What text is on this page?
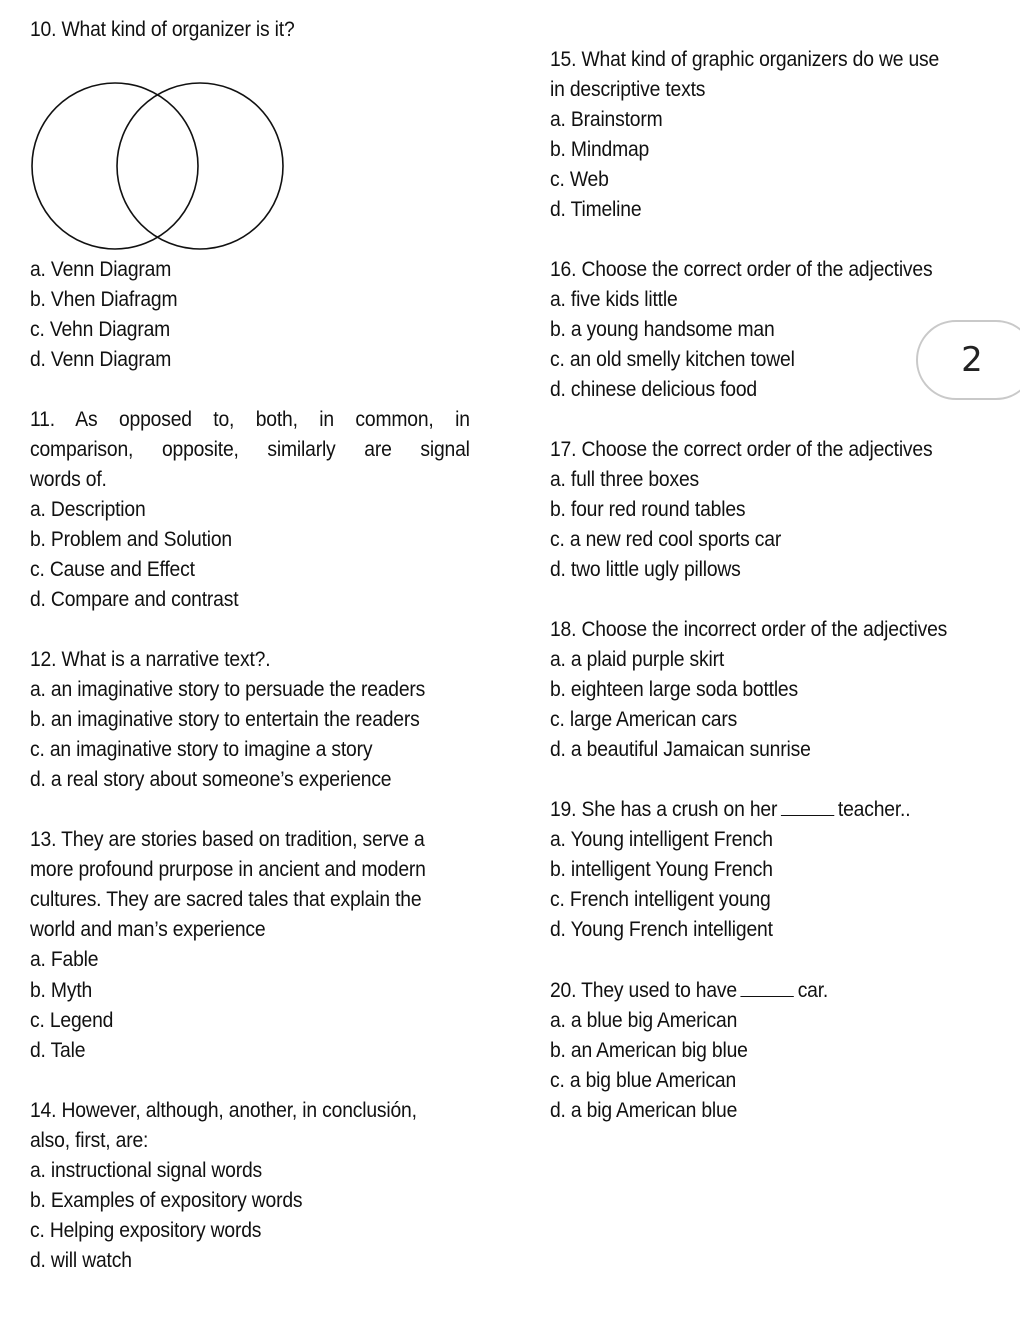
10. What kind of organizer is it?
a. Venn Diagram
b. Vhen Diafragm
c. Vehn Diagram
d. Venn Diagram
11. As opposed to, both, in common, in
comparison, opposite, similarly are signal
words of.
a. Description
b. Problem and Solution
c. Cause and Effect
d. Compare and contrast
12. What is a narrative text?.
a. an imaginative story to persuade the readers
b. an imaginative story to entertain the readers
c. an imaginative story to imagine a story
d. a real story about someone’s experience
13. They are stories based on tradition, serve a
more profound prurpose in ancient and modern
cultures. They are sacred tales that explain the
world and man’s experience
a. Fable
b. Myth
c. Legend
d. Tale
14. However, although, another, in conclusión,
also, first, are:
a. instructional signal words
b. Examples of expository words
c. Helping expository words
d. will watch
15. What kind of graphic organizers do we use
in descriptive texts
a. Brainstorm
b. Mindmap
c. Web
d. Timeline
16. Choose the correct order of the adjectives
a. five kids little
b. a young handsome man
c. an old smelly kitchen towel
d. chinese delicious food
17. Choose the correct order of the adjectives
a. full three boxes
b. four red round tables
c. a new red cool sports car
d. two little ugly pillows
18. Choose the incorrect order of the adjectives
a. a plaid purple skirt
b. eighteen large soda bottles
c. large American cars
d. a beautiful Jamaican sunrise
19. She has a crush on her	teacher..
a. Young intelligent French
b. intelligent Young French
c. French intelligent young
d. Young French intelligent
20. They used to have	car.
a. a blue big American
b. an American big blue
c. a big blue American
d. a big American blue
2
